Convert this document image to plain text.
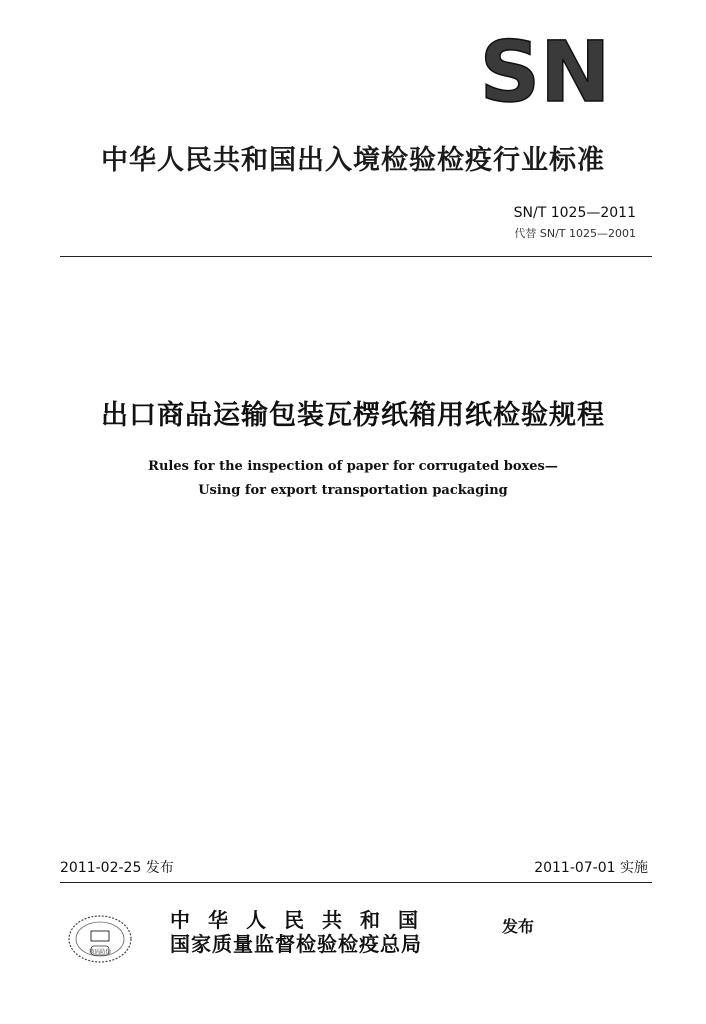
SN
中华人民共和国出入境检验检疫行业标准
SN/T 1025—2011
代替 SN/T 1025—2001
出口商品运输包装瓦楞纸箱用纸检验规程
Rules for the inspection of paper for corrugated boxes—
Using for export transportation packaging
2011-02-25 发布	2011-07-01 实施
数码防伪
中华人民共和国
国家质量监督检验检疫总局
发布
